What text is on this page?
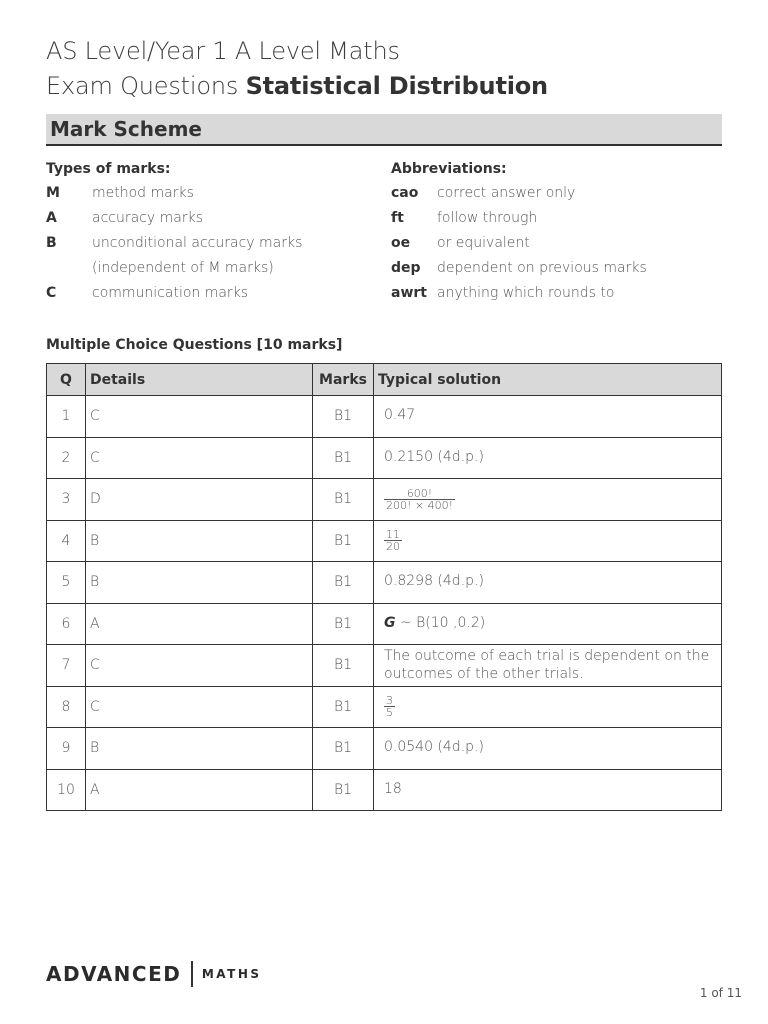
AS Level/Year 1 A Level Maths
Exam Questions Statistical Distribution
Mark Scheme
Types of marks:
M	method marks
A	accuracy marks
B	unconditional accuracy marks
(independent of M marks)
C	communication marks
Abbreviations:
cao	correct answer only
ft	follow through
oe	or equivalent
dep	dependent on previous marks
awrt anything which rounds to
Multiple Choice Questions [10 marks]
Q	Details	Marks	Typical solution
1	C	B1	0.47
2	C	B1	0.2150 (4d.p.)
3	D	B1	$\frac{600!}{200! \times 400!}$

4	B	B1	$\frac{11}{20}$

5	B	B1	0.8298 (4d.p.)
6	A	B1	G ~ B(10 ,0.2)
7	C	B1	The outcome of each trial is dependent on the outcomes of the other trials.
8	C	B1	$\frac{3}{5}$

9	B	B1	0.0540 (4d.p.)
10	A	B1	18
ADVANCED MATHS
1 of 11
